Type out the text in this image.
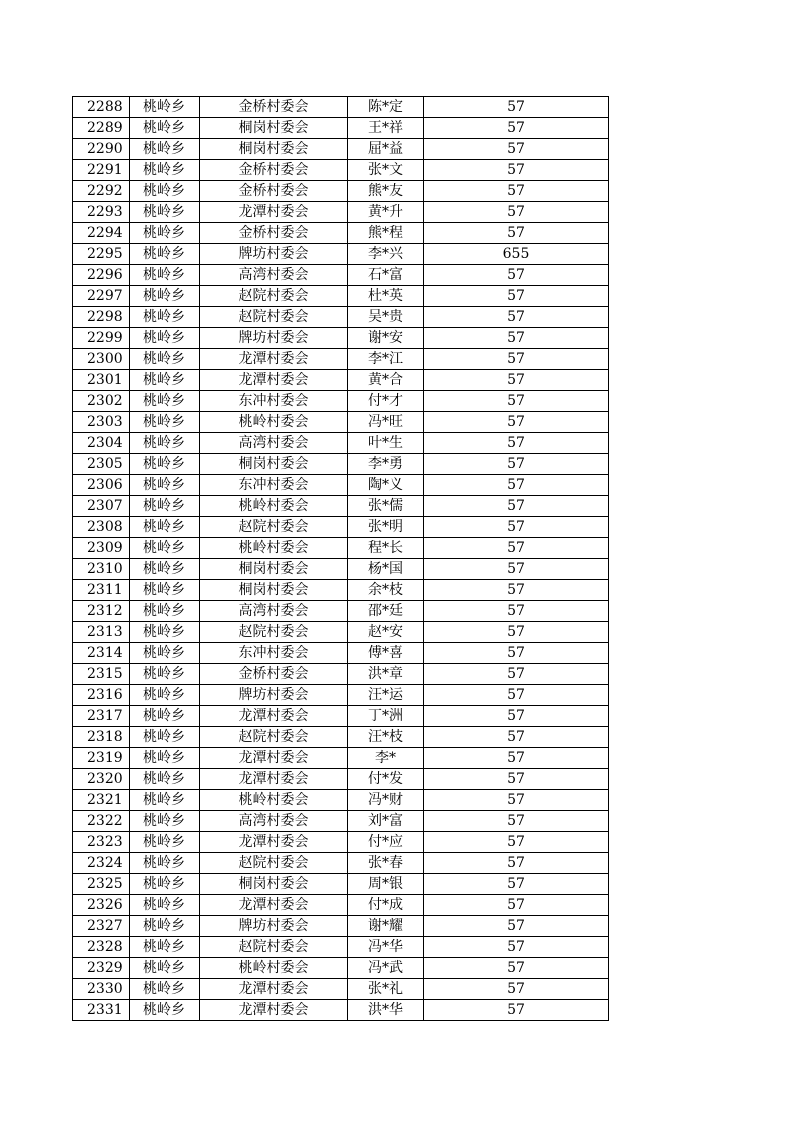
2288	桃岭乡	金桥村委会	陈*定	57
2289	桃岭乡	桐岗村委会	王*祥	57
2290	桃岭乡	桐岗村委会	屈*益	57
2291	桃岭乡	金桥村委会	张*文	57
2292	桃岭乡	金桥村委会	熊*友	57
2293	桃岭乡	龙潭村委会	黄*升	57
2294	桃岭乡	金桥村委会	熊*程	57
2295	桃岭乡	牌坊村委会	李*兴	655
2296	桃岭乡	高湾村委会	石*富	57
2297	桃岭乡	赵院村委会	杜*英	57
2298	桃岭乡	赵院村委会	吴*贵	57
2299	桃岭乡	牌坊村委会	谢*安	57
2300	桃岭乡	龙潭村委会	李*江	57
2301	桃岭乡	龙潭村委会	黄*合	57
2302	桃岭乡	东冲村委会	付*才	57
2303	桃岭乡	桃岭村委会	冯*旺	57
2304	桃岭乡	高湾村委会	叶*生	57
2305	桃岭乡	桐岗村委会	李*勇	57
2306	桃岭乡	东冲村委会	陶*义	57
2307	桃岭乡	桃岭村委会	张*儒	57
2308	桃岭乡	赵院村委会	张*明	57
2309	桃岭乡	桃岭村委会	程*长	57
2310	桃岭乡	桐岗村委会	杨*国	57
2311	桃岭乡	桐岗村委会	余*枝	57
2312	桃岭乡	高湾村委会	邵*廷	57
2313	桃岭乡	赵院村委会	赵*安	57
2314	桃岭乡	东冲村委会	傅*喜	57
2315	桃岭乡	金桥村委会	洪*章	57
2316	桃岭乡	牌坊村委会	汪*运	57
2317	桃岭乡	龙潭村委会	丁*洲	57
2318	桃岭乡	赵院村委会	汪*枝	57
2319	桃岭乡	龙潭村委会	李*	57
2320	桃岭乡	龙潭村委会	付*发	57
2321	桃岭乡	桃岭村委会	冯*财	57
2322	桃岭乡	高湾村委会	刘*富	57
2323	桃岭乡	龙潭村委会	付*应	57
2324	桃岭乡	赵院村委会	张*春	57
2325	桃岭乡	桐岗村委会	周*银	57
2326	桃岭乡	龙潭村委会	付*成	57
2327	桃岭乡	牌坊村委会	谢*耀	57
2328	桃岭乡	赵院村委会	冯*华	57
2329	桃岭乡	桃岭村委会	冯*武	57
2330	桃岭乡	龙潭村委会	张*礼	57
2331	桃岭乡	龙潭村委会	洪*华	57
